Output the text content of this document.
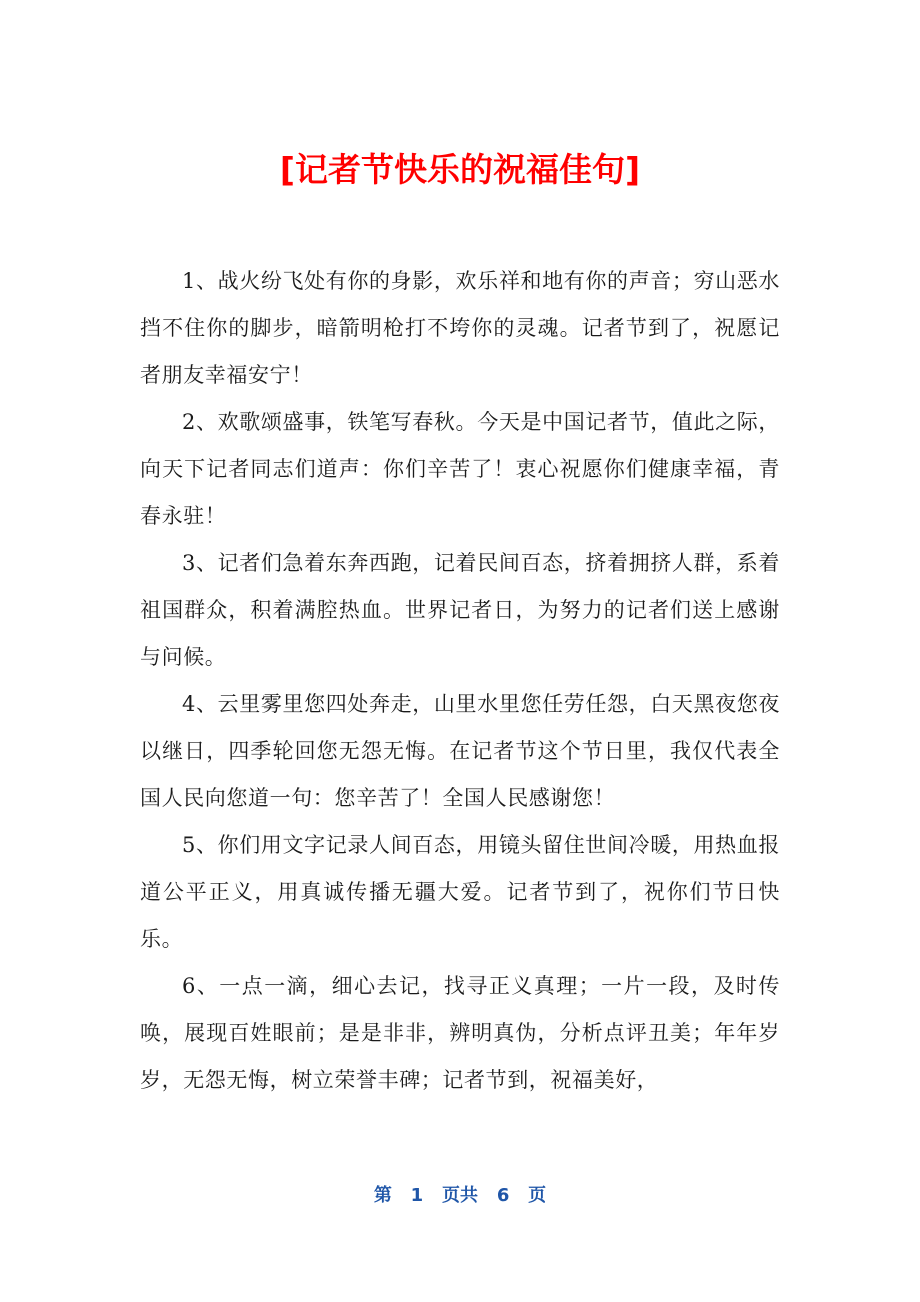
[记者节快乐的祝福佳句]

1、战火纷飞处有你的身影，欢乐祥和地有你的声音；穷山恶水挡不住你的脚步，暗箭明枪打不垮你的灵魂。记者节到了，祝愿记者朋友幸福安宁！

2、欢歌颂盛事，铁笔写春秋。今天是中国记者节，值此之际，向天下记者同志们道声：你们辛苦了！衷心祝愿你们健康幸福，青春永驻！

3、记者们急着东奔西跑，记着民间百态，挤着拥挤人群，系着祖国群众，积着满腔热血。世界记者日，为努力的记者们送上感谢与问候。

4、云里雾里您四处奔走，山里水里您任劳任怨，白天黑夜您夜以继日，四季轮回您无怨无悔。在记者节这个节日里，我仅代表全国人民向您道一句：您辛苦了！全国人民感谢您！

5、你们用文字记录人间百态，用镜头留住世间冷暖，用热血报道公平正义，用真诚传播无疆大爱。记者节到了，祝你们节日快乐。

6、一点一滴，细心去记，找寻正义真理；一片一段，及时传唤，展现百姓眼前；是是非非，辨明真伪，分析点评丑美；年年岁岁，无怨无悔，树立荣誉丰碑；记者节到，祝福美好，

第 1 页共 6 页
